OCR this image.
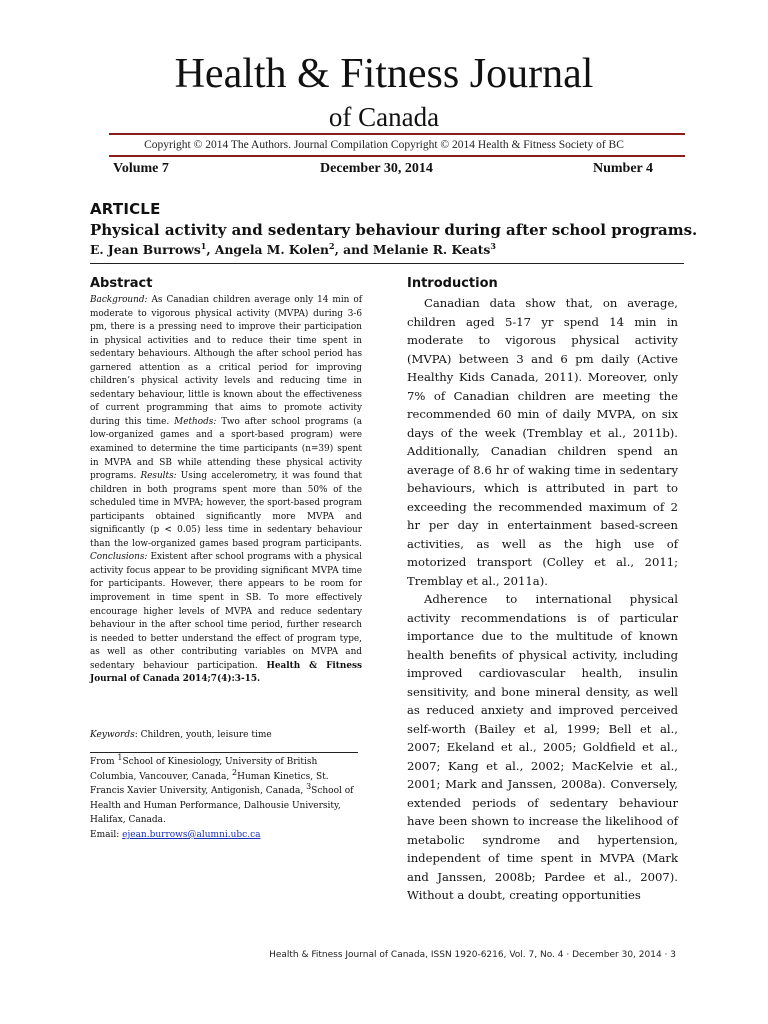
Health & Fitness Journal
of Canada
Copyright © 2014 The Authors. Journal Compilation Copyright © 2014 Health & Fitness Society of BC
Volume 7	December 30, 2014	Number 4
ARTICLE
Physical activity and sedentary behaviour during after school programs.
E. Jean Burrows$^1$, Angela M. Kolen$^2$, and Melanie R. Keats$^3$
Abstract
Background: As Canadian children average only 14 min of moderate to vigorous physical activity (MVPA) during 3-6 pm, there is a pressing need to improve their participation in physical activities and to reduce their time spent in sedentary behaviours. Although the after school period has garnered attention as a critical period for improving children’s physical activity levels and reducing time in sedentary behaviour, little is known about the effectiveness of current programming that aims to promote activity during this time. Methods: Two after school programs (a low-organized games and a sport-based program) were examined to determine the time participants (n=39) spent in MVPA and SB while attending these physical activity programs. Results: Using accelerometry, it was found that children in both programs spent more than 50% of the scheduled time in MVPA; however, the sport-based program participants obtained significantly more MVPA and significantly (p < 0.05) less time in sedentary behaviour than the low-organized games based program participants. Conclusions: Existent after school programs with a physical activity focus appear to be providing significant MVPA time for participants. However, there appears to be room for improvement in time spent in SB. To more effectively encourage higher levels of MVPA and reduce sedentary behaviour in the after school time period, further research is needed to better understand the effect of program type, as well as other contributing variables on MVPA and sedentary behaviour participation. Health & Fitness Journal of Canada 2014;7(4):3-15.
Keywords: Children, youth, leisure time
From 1School of Kinesiology, University of British Columbia, Vancouver, Canada, 2Human Kinetics, St. Francis Xavier University, Antigonish, Canada, 3School of Health and Human Performance, Dalhousie University, Halifax, Canada.
Email: ejean.burrows@alumni.ubc.ca
Introduction

Canadian data show that, on average, children aged 5-17 yr spend 14 min in moderate to vigorous physical activity (MVPA) between 3 and 6 pm daily (Active Healthy Kids Canada, 2011). Moreover, only 7% of Canadian children are meeting the recommended 60 min of daily MVPA, on six days of the week (Tremblay et al., 2011b). Additionally, Canadian children spend an average of 8.6 hr of waking time in sedentary behaviours, which is attributed in part to exceeding the recommended maximum of 2 hr per day in entertainment based-screen activities, as well as the high use of motorized transport (Colley et al., 2011; Tremblay et al., 2011a).

Adherence to international physical activity recommendations is of particular importance due to the multitude of known health benefits of physical activity, including improved cardiovascular health, insulin sensitivity, and bone mineral density, as well as reduced anxiety and improved perceived self-worth (Bailey et al, 1999; Bell et al., 2007; Ekeland et al., 2005; Goldfield et al., 2007; Kang et al., 2002; MacKelvie et al., 2001; Mark and Janssen, 2008a). Conversely, extended periods of sedentary behaviour have been shown to increase the likelihood of metabolic syndrome and hypertension, independent of time spent in MVPA (Mark and Janssen, 2008b; Pardee et al., 2007). Without a doubt, creating opportunities

Health & Fitness Journal of Canada, ISSN 1920-6216, Vol. 7, No. 4 · December 30, 2014 · 3
